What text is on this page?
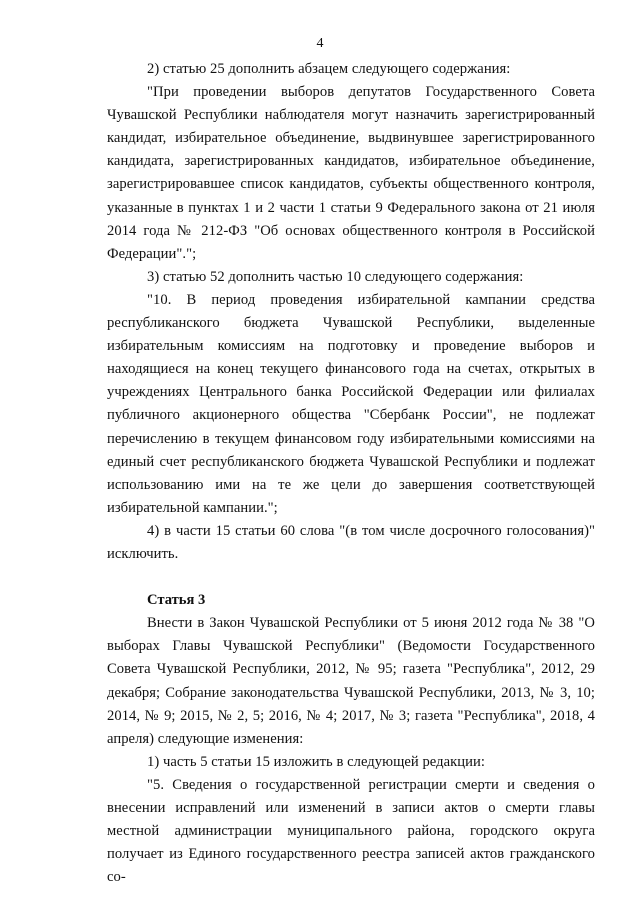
4

2) статью 25 дополнить абзацем следующего содержания:

"При проведении выборов депутатов Государственного Совета Чувашской Республики наблюдателя могут назначить зарегистрированный кандидат, избирательное объединение, выдвинувшее зарегистрированного кандидата, зарегистрированных кандидатов, избирательное объединение, зарегистрировавшее список кандидатов, субъекты общественного контроля, указанные в пунктах 1 и 2 части 1 статьи 9 Федерального закона от 21 июля 2014 года № 212-ФЗ "Об основах общественного контроля в Российской Федерации".";

3) статью 52 дополнить частью 10 следующего содержания:

"10. В период проведения избирательной кампании средства республиканского бюджета Чувашской Республики, выделенные избирательным комиссиям на подготовку и проведение выборов и находящиеся на конец текущего финансового года на счетах, открытых в учреждениях Центрального банка Российской Федерации или филиалах публичного акционерного общества "Сбербанк России", не подлежат перечислению в текущем финансовом году избирательными комиссиями на единый счет республиканского бюджета Чувашской Республики и подлежат использованию ими на те же цели до завершения соответствующей избирательной кампании.";

4) в части 15 статьи 60 слова "(в том числе досрочного голосования)" исключить.

Статья 3

Внести в Закон Чувашской Республики от 5 июня 2012 года № 38 "О выборах Главы Чувашской Республики" (Ведомости Государственного Совета Чувашской Республики, 2012, № 95; газета "Республика", 2012, 29 декабря; Собрание законодательства Чувашской Республики, 2013, № 3, 10; 2014, № 9; 2015, № 2, 5; 2016, № 4; 2017, № 3; газета "Республика", 2018, 4 апреля) следующие изменения:

1) часть 5 статьи 15 изложить в следующей редакции:

"5. Сведения о государственной регистрации смерти и сведения о внесении исправлений или изменений в записи актов о смерти главы местной администрации муниципального района, городского округа получает из Единого государственного реестра записей актов гражданского со-
